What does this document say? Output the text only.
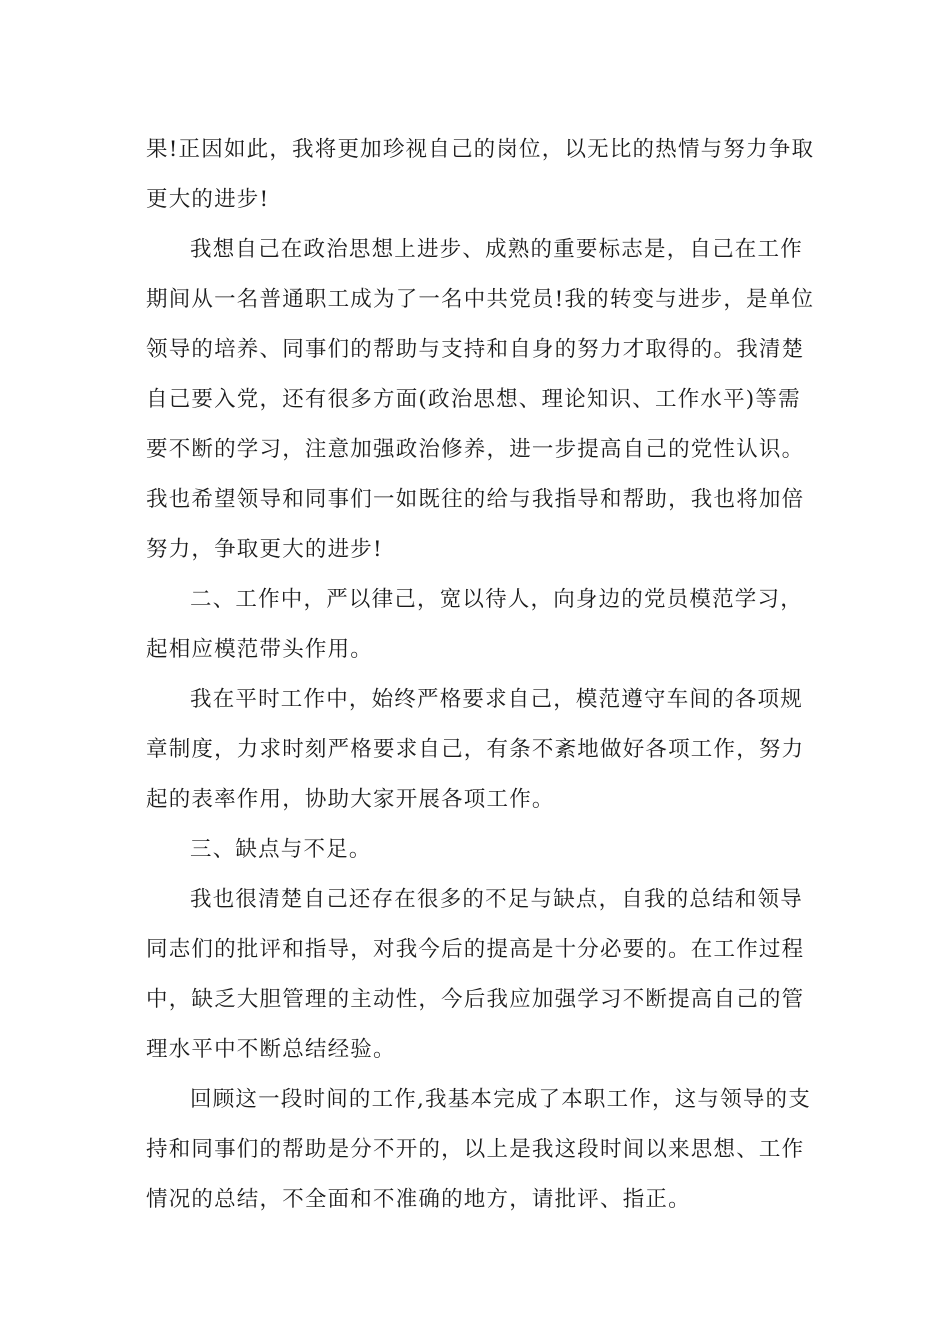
果!正因如此，我将更加珍视自己的岗位，以无比的热情与努力争取
更大的进步!
我想自己在政治思想上进步、成熟的重要标志是，自己在工作
期间从一名普通职工成为了一名中共党员!我的转变与进步，是单位
领导的培养、同事们的帮助与支持和自身的努力才取得的。我清楚
自己要入党，还有很多方面(政治思想、理论知识、工作水平)等需
要不断的学习，注意加强政治修养，进一步提高自己的党性认识。
我也希望领导和同事们一如既往的给与我指导和帮助，我也将加倍
努力，争取更大的进步!
二、工作中，严以律己，宽以待人，向身边的党员模范学习，
起相应模范带头作用。
我在平时工作中，始终严格要求自己，模范遵守车间的各项规
章制度，力求时刻严格要求自己，有条不紊地做好各项工作，努力
起的表率作用，协助大家开展各项工作。
三、缺点与不足。
我也很清楚自己还存在很多的不足与缺点，自我的总结和领导
同志们的批评和指导，对我今后的提高是十分必要的。在工作过程
中，缺乏大胆管理的主动性，今后我应加强学习不断提高自己的管
理水平中不断总结经验。
回顾这一段时间的工作,我基本完成了本职工作，这与领导的支
持和同事们的帮助是分不开的，以上是我这段时间以来思想、工作
情况的总结，不全面和不准确的地方，请批评、指正。
